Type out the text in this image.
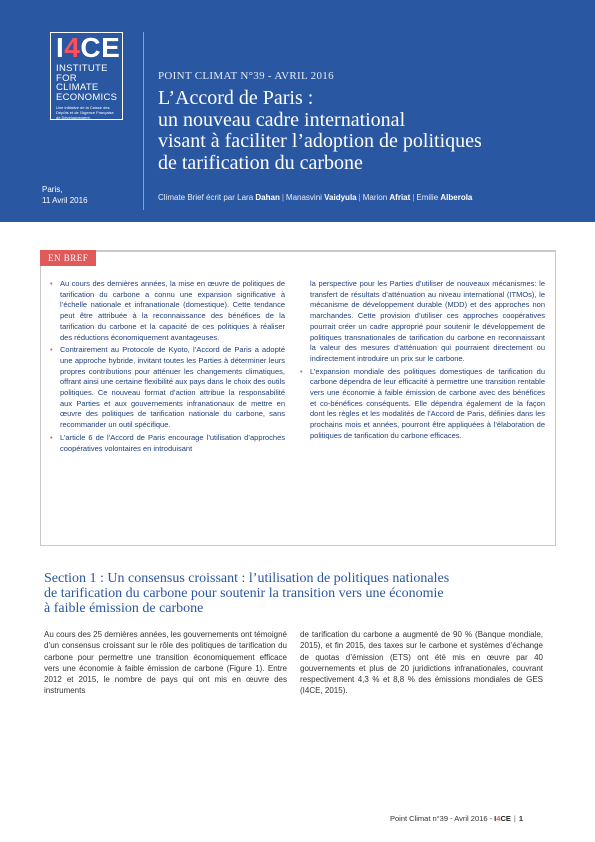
I4CE
INSTITUTE FOR
CLIMATE
ECONOMICS
Une initiative de la Caisse des Dépôts et de l'Agence Française de Développement
POINT CLIMAT N°39 - AVRIL 2016
L’Accord de Paris :
un nouveau cadre international
visant à faciliter l’adoption de politiques
de tarification du carbone
Paris,
11 Avril 2016	Climate Brief écrit par Lara Dahan | Manasvini Vaidyula | Marion Afriat | Emilie Alberola
EN BREF
• Au cours des dernières années, la mise en œuvre de politiques de tarification du carbone a connu une expansion significative à l’échelle nationale et infranationale (domestique). Cette tendance peut être attribuée à la reconnaissance des bénéfices de la tarification du carbone et la capacité de ces politiques à réaliser des réductions économiquement avantageuses.
• Contrairement au Protocole de Kyoto, l’Accord de Paris a adopté une approche hybride, invitant toutes les Parties à déterminer leurs propres contributions pour atténuer les changements climatiques, offrant ainsi une certaine flexibilité aux pays dans le choix des outils politiques. Ce nouveau format d’action attribue la responsabilité aux Parties et aux gouvernements infranationaux de mettre en œuvre des politiques de tarification nationale du carbone, sans recommander un outil spécifique.
• L’article 6 de l’Accord de Paris encourage l’utilisation d’approches coopératives volontaires en introduisant

la perspective pour les Parties d’utiliser de nouveaux mécanismes: le transfert de résultats d’atténuation au niveau international (ITMOs), le mécanisme de développement durable (MDD) et des approches non marchandes. Cette provision d’utiliser ces approches coopératives pourrait créer un cadre approprié pour soutenir le développement de politiques transnationales de tarification du carbone en reconnaissant la valeur des mesures d’atténuation qui pourraient directement ou indirectement introduire un prix sur le carbone.

• L’expansion mondiale des politiques domestiques de tarification du carbone dépendra de leur efficacité à permettre une transition rentable vers une économie à faible émission de carbone avec des bénéfices et co-bénéfices conséquents. Elle dépendra également de la façon dont les règles et les modalités de l’Accord de Paris, définies dans les prochains mois et années, pourront être appliquées à l’élaboration de politiques de tarification du carbone efficaces.
Section 1 : Un consensus croissant : l’utilisation de politiques nationales
de tarification du carbone pour soutenir la transition vers une économie
à faible émission de carbone
Au cours des 25 dernières années, les gouvernements ont témoigné d’un consensus croissant sur le rôle des politiques de tarification du carbone pour permettre une transition économiquement efficace vers une économie à faible émission de carbone (Figure 1). Entre 2012 et 2015, le nombre de pays qui ont mis en œuvre des instruments
de tarification du carbone a augmenté de 90 % (Banque mondiale, 2015), et fin 2015, des taxes sur le carbone et systèmes d’échange de quotas d’émission (ETS) ont été mis en œuvre par 40 gouvernements et plus de 20 juridictions infranationales, couvrant respectivement 4,3 % et 8,8 % des émissions mondiales de GES (I4CE, 2015).
Point Climat n°39 - Avril 2016 - I4CE | 1
